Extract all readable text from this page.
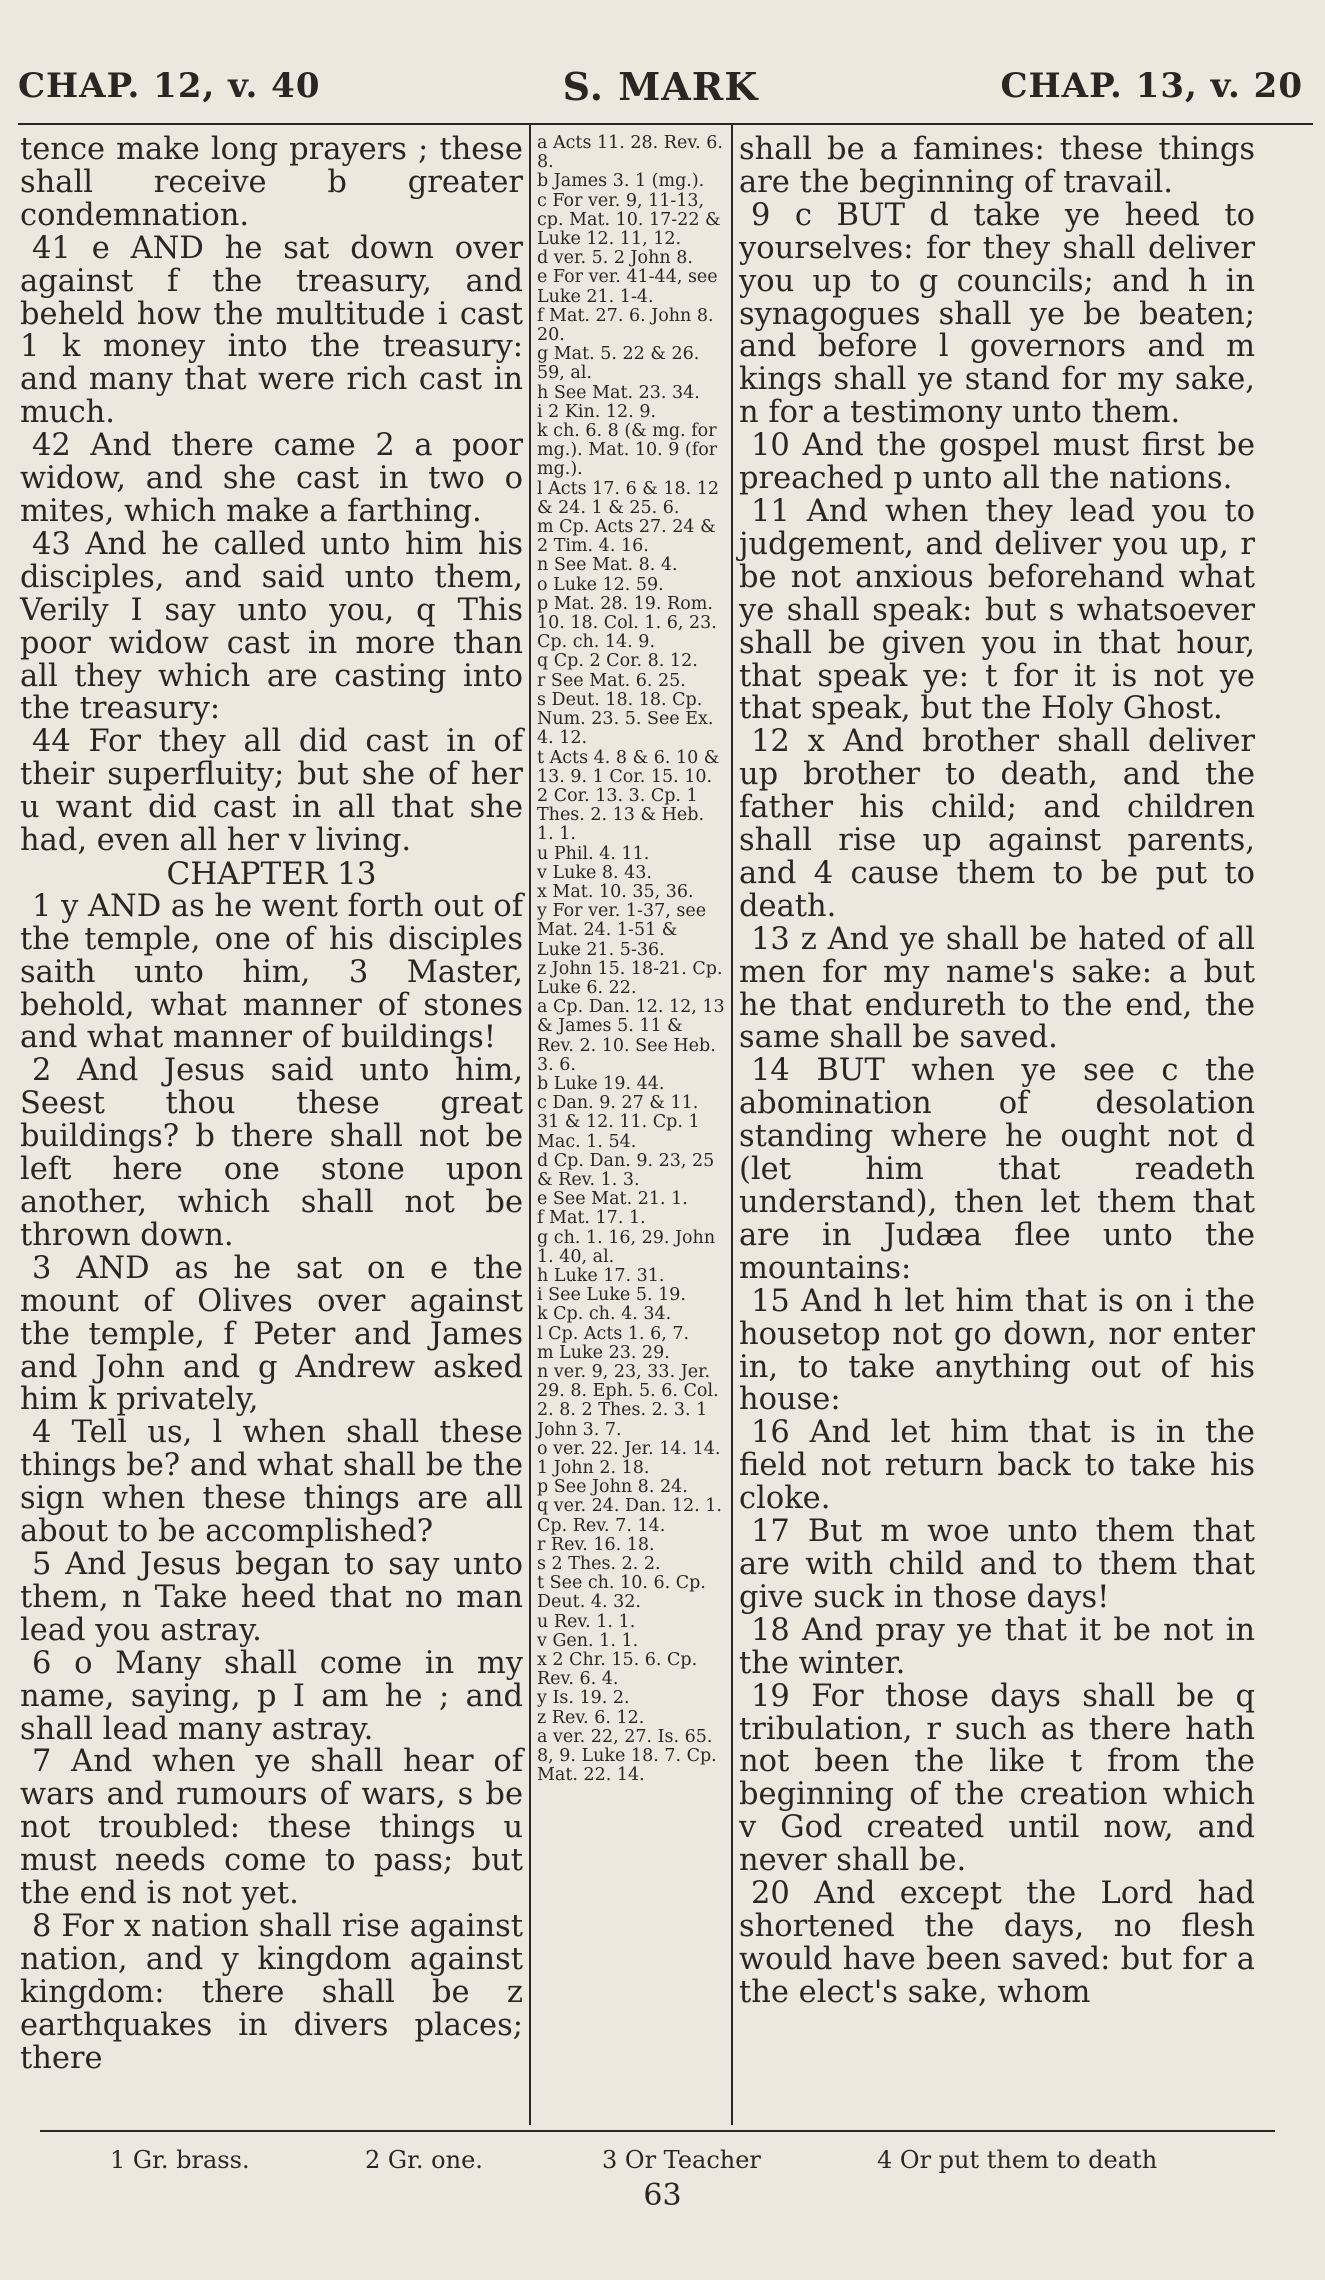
CHAP. 12, v. 40	S. MARK	CHAP. 13, v. 20

tence make long prayers ; these shall receive b greater condemnation.

41 e AND he sat down over against f the treasury, and beheld how the multitude i cast 1 k money into the treasury: and many that were rich cast in much.

42 And there came 2 a poor widow, and she cast in two o mites, which make a farthing.

43 And he called unto him his disciples, and said unto them, Verily I say unto you, q This poor widow cast in more than all they which are casting into the treasury:

44 For they all did cast in of their superfluity; but she of her u want did cast in all that she had, even all her v living.

CHAPTER 13

1 y AND as he went forth out of the temple, one of his disciples saith unto him, 3 Master, behold, what manner of stones and what manner of buildings!

2 And Jesus said unto him, Seest thou these great buildings? b there shall not be left here one stone upon another, which shall not be thrown down.

3 AND as he sat on e the mount of Olives over against the temple, f Peter and James and John and g Andrew asked him k privately,

4 Tell us, l when shall these things be? and what shall be the sign when these things are all about to be accomplished?

5 And Jesus began to say unto them, n Take heed that no man lead you astray.

6 o Many shall come in my name, saying, p I am he ; and shall lead many astray.

7 And when ye shall hear of wars and rumours of wars, s be not troubled: these things u must needs come to pass; but the end is not yet.

8 For x nation shall rise against nation, and y kingdom against kingdom: there shall be z earthquakes in divers places; there

a Acts 11. 28. Rev. 6. 8.
b James 3. 1 (mg.).
c For ver. 9, 11-13, cp. Mat. 10. 17-22 & Luke 12. 11, 12.
d ver. 5. 2 John 8.
e For ver. 41-44, see Luke 21. 1-4.
f Mat. 27. 6. John 8. 20.
g Mat. 5. 22 & 26. 59, al.
h See Mat. 23. 34.
i 2 Kin. 12. 9.
k ch. 6. 8 (& mg. for mg.). Mat. 10. 9 (for mg.).
l Acts 17. 6 & 18. 12 & 24. 1 & 25. 6.
m Cp. Acts 27. 24 & 2 Tim. 4. 16.
n See Mat. 8. 4.
o Luke 12. 59.
p Mat. 28. 19. Rom. 10. 18. Col. 1. 6, 23. Cp. ch. 14. 9.
q Cp. 2 Cor. 8. 12.
r See Mat. 6. 25.
s Deut. 18. 18. Cp. Num. 23. 5. See Ex. 4. 12.
t Acts 4. 8 & 6. 10 & 13. 9. 1 Cor. 15. 10. 2 Cor. 13. 3. Cp. 1 Thes. 2. 13 & Heb. 1. 1.
u Phil. 4. 11.
v Luke 8. 43.
x Mat. 10. 35, 36.
y For ver. 1-37, see Mat. 24. 1-51 & Luke 21. 5-36.
z John 15. 18-21. Cp. Luke 6. 22.
a Cp. Dan. 12. 12, 13 & James 5. 11 & Rev. 2. 10. See Heb. 3. 6.
b Luke 19. 44.
c Dan. 9. 27 & 11. 31 & 12. 11. Cp. 1 Mac. 1. 54.
d Cp. Dan. 9. 23, 25 & Rev. 1. 3.
e See Mat. 21. 1.
f Mat. 17. 1.
g ch. 1. 16, 29. John 1. 40, al.
h Luke 17. 31.
i See Luke 5. 19.
k Cp. ch. 4. 34.
l Cp. Acts 1. 6, 7.
m Luke 23. 29.
n ver. 9, 23, 33. Jer. 29. 8. Eph. 5. 6. Col. 2. 8. 2 Thes. 2. 3. 1 John 3. 7.
o ver. 22. Jer. 14. 14. 1 John 2. 18.
p See John 8. 24.
q ver. 24. Dan. 12. 1. Cp. Rev. 7. 14.
r Rev. 16. 18.
s 2 Thes. 2. 2.
t See ch. 10. 6. Cp. Deut. 4. 32.
u Rev. 1. 1.
v Gen. 1. 1.
x 2 Chr. 15. 6. Cp. Rev. 6. 4.
y Is. 19. 2.
z Rev. 6. 12.
a ver. 22, 27. Is. 65. 8, 9. Luke 18. 7. Cp. Mat. 22. 14.

shall be a famines: these things are the beginning of travail.

9 c BUT d take ye heed to yourselves: for they shall deliver you up to g councils; and h in synagogues shall ye be beaten; and before l governors and m kings shall ye stand for my sake, n for a testimony unto them.

10 And the gospel must first be preached p unto all the nations.

11 And when they lead you to judgement, and deliver you up, r be not anxious beforehand what ye shall speak: but s whatsoever shall be given you in that hour, that speak ye: t for it is not ye that speak, but the Holy Ghost.

12 x And brother shall deliver up brother to death, and the father his child; and children shall rise up against parents, and 4 cause them to be put to death.

13 z And ye shall be hated of all men for my name's sake: a but he that endureth to the end, the same shall be saved.

14 BUT when ye see c the abomination of desolation standing where he ought not d (let him that readeth understand), then let them that are in Judæa flee unto the mountains:

15 And h let him that is on i the housetop not go down, nor enter in, to take anything out of his house:

16 And let him that is in the field not return back to take his cloke.

17 But m woe unto them that are with child and to them that give suck in those days!

18 And pray ye that it be not in the winter.

19 For those days shall be q tribulation, r such as there hath not been the like t from the beginning of the creation which v God created until now, and never shall be.

20 And except the Lord had shortened the days, no flesh would have been saved: but for a the elect's sake, whom

1 Gr. brass.	2 Gr. one.	3 Or Teacher	4 Or put them to death
63
